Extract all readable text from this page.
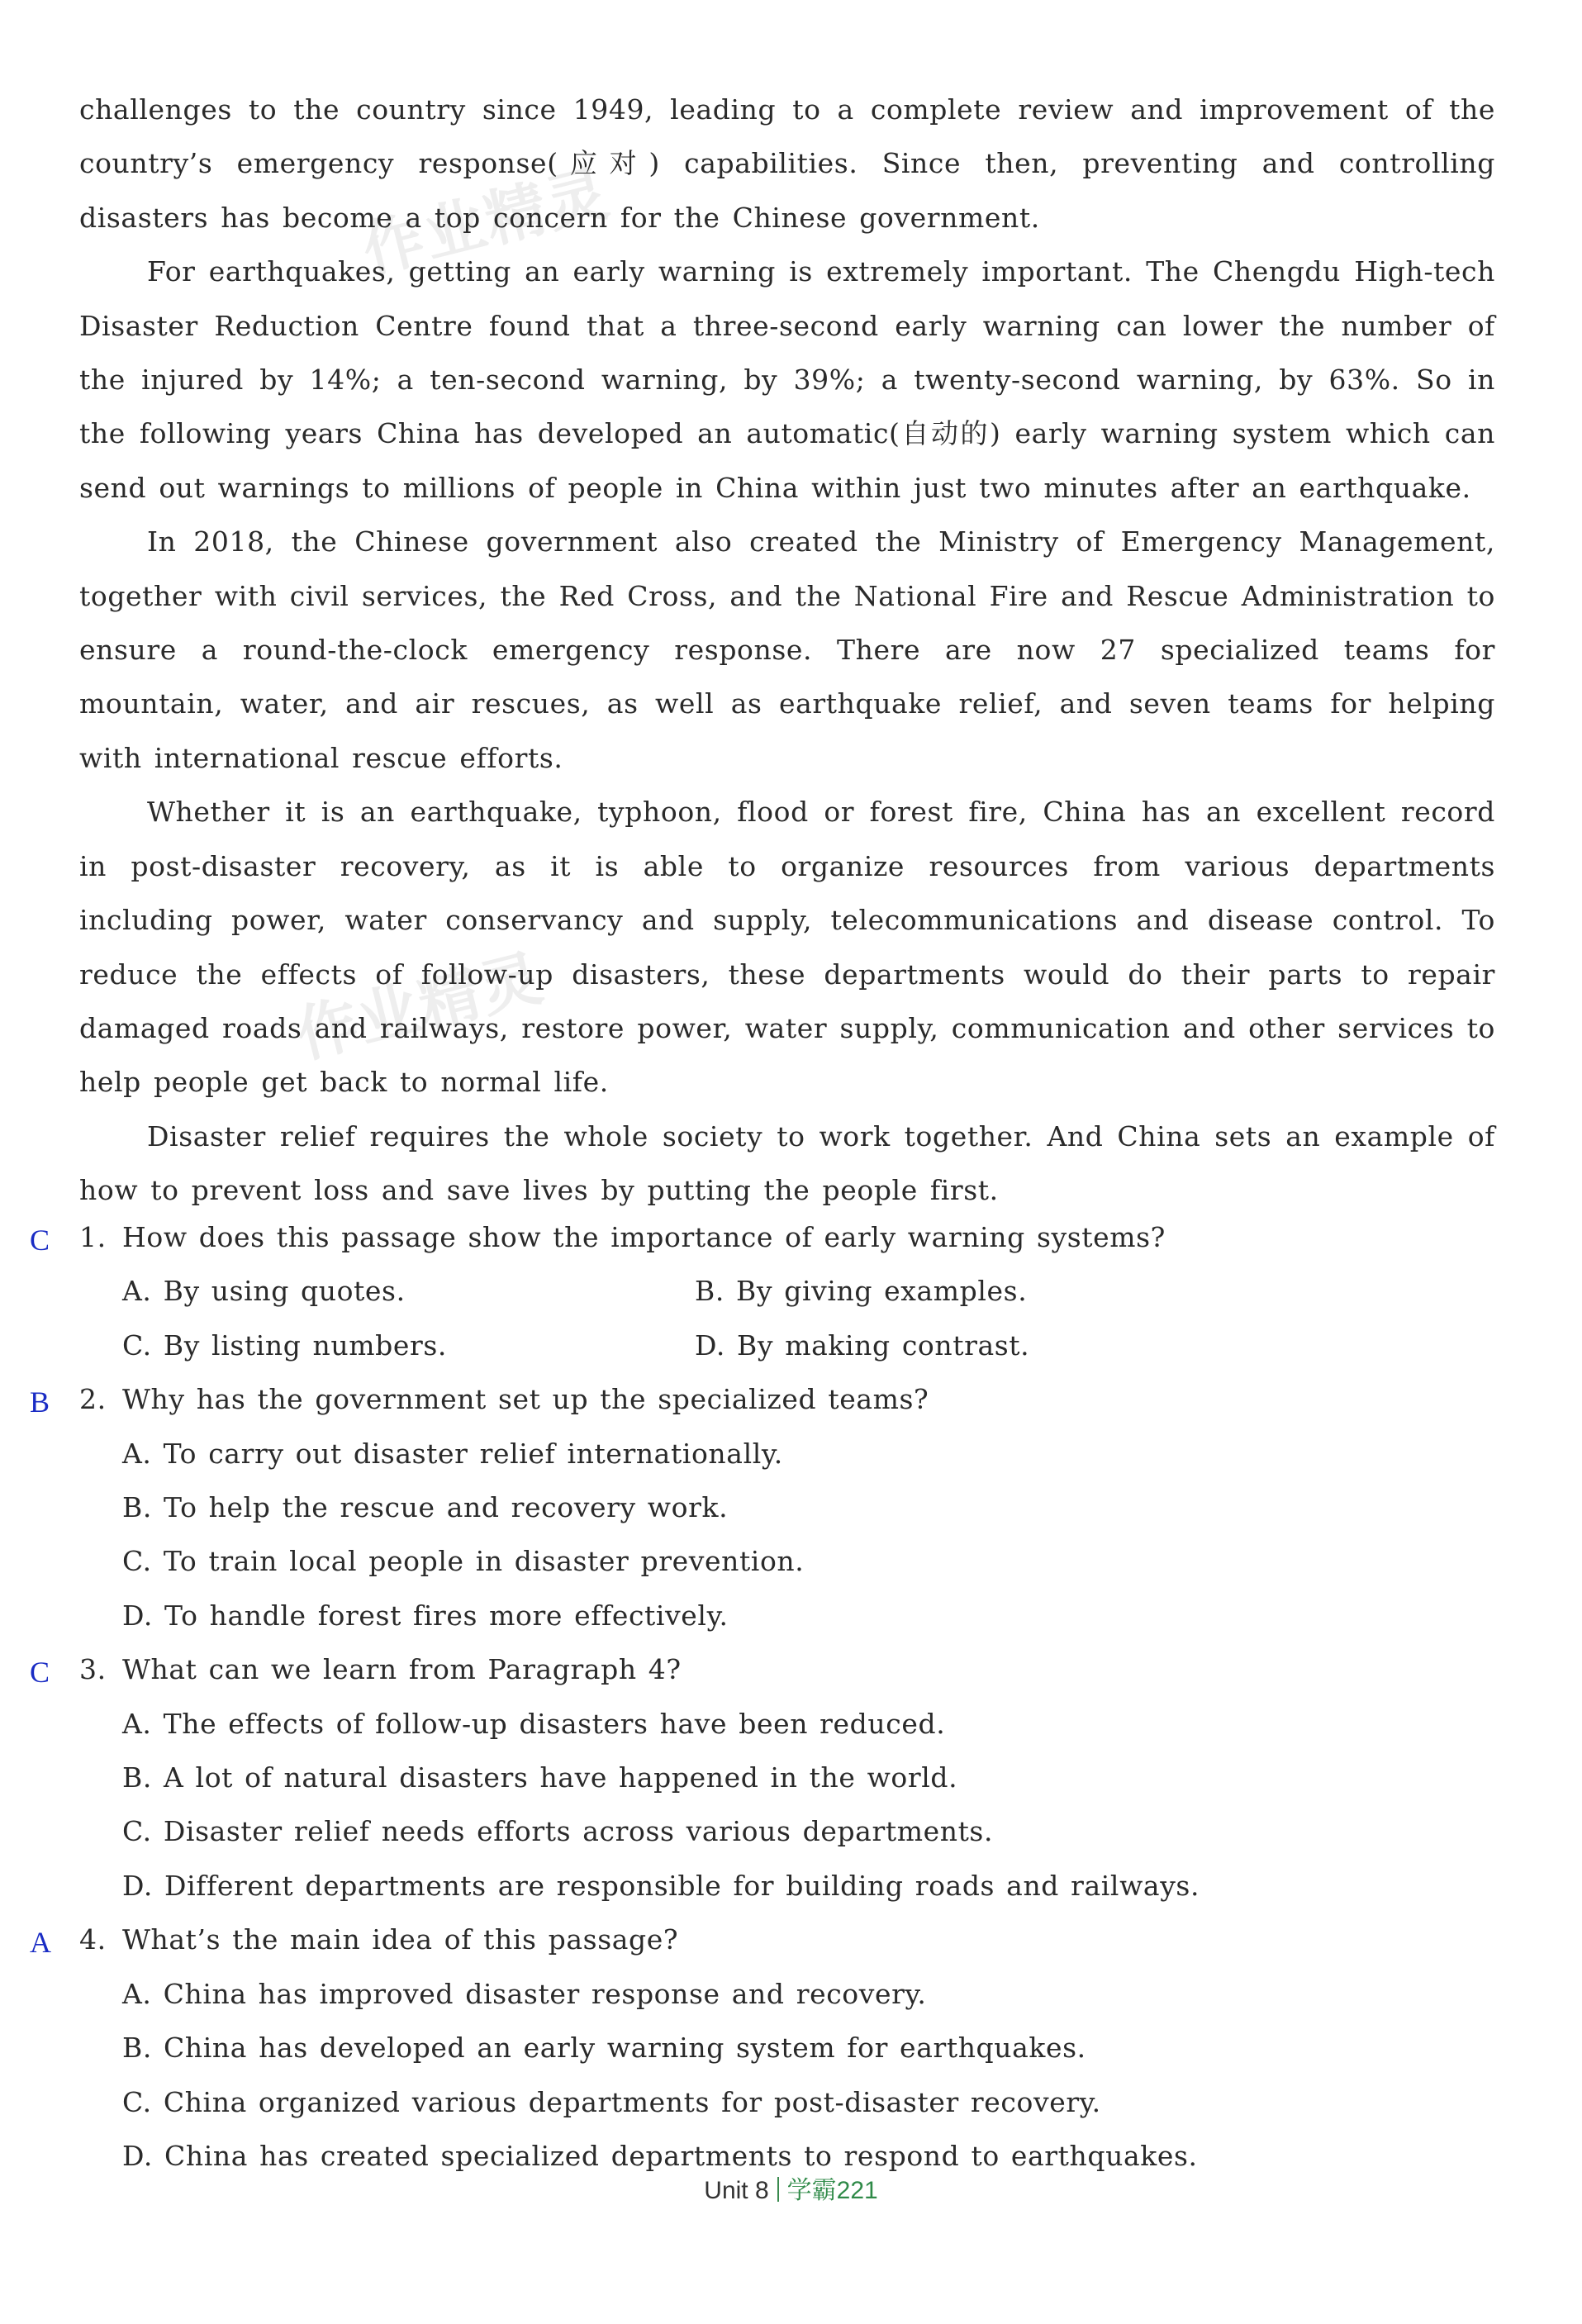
作业精灵
作业精灵

challenges to the country since 1949, leading to a complete review and improvement of the country’s emergency response(应对) capabilities. Since then, preventing and controlling disasters has become a top concern for the Chinese government.

For earthquakes, getting an early warning is extremely important. The Chengdu High-tech Disaster Reduction Centre found that a three-second early warning can lower the number of the injured by 14%; a ten-second warning, by 39%; a twenty-second warning, by 63%. So in the following years China has developed an automatic(自动的) early warning system which can send out warnings to millions of people in China within just two minutes after an earthquake.

In 2018, the Chinese government also created the Ministry of Emergency Management, together with civil services, the Red Cross, and the National Fire and Rescue Administration to ensure a round-the-clock emergency response. There are now 27 specialized teams for mountain, water, and air rescues, as well as earthquake relief, and seven teams for helping with international rescue efforts.

Whether it is an earthquake, typhoon, flood or forest fire, China has an excellent record in post-disaster recovery, as it is able to organize resources from various departments including power, water conservancy and supply, telecommunications and disease control. To reduce the effects of follow-up disasters, these departments would do their parts to repair damaged roads and railways, restore power, water supply, communication and other services to help people get back to normal life.

Disaster relief requires the whole society to work together. And China sets an example of how to prevent loss and save lives by putting the people first.

C	1. How does this passage show the importance of early warning systems?
A. By using quotes.	B. By giving examples.
C. By listing numbers.	D. By making contrast.
B	2. Why has the government set up the specialized teams?
A. To carry out disaster relief internationally.
B. To help the rescue and recovery work.
C. To train local people in disaster prevention.
D. To handle forest fires more effectively.
C	3. What can we learn from Paragraph 4?
A. The effects of follow-up disasters have been reduced.
B. A lot of natural disasters have happened in the world.
C. Disaster relief needs efforts across various departments.
D. Different departments are responsible for building roads and railways.
A	4. What’s the main idea of this passage?
A. China has improved disaster response and recovery.
B. China has developed an early warning system for earthquakes.
C. China organized various departments for post-disaster recovery.
D. China has created specialized departments to respond to earthquakes.
Unit 8 学霸221
